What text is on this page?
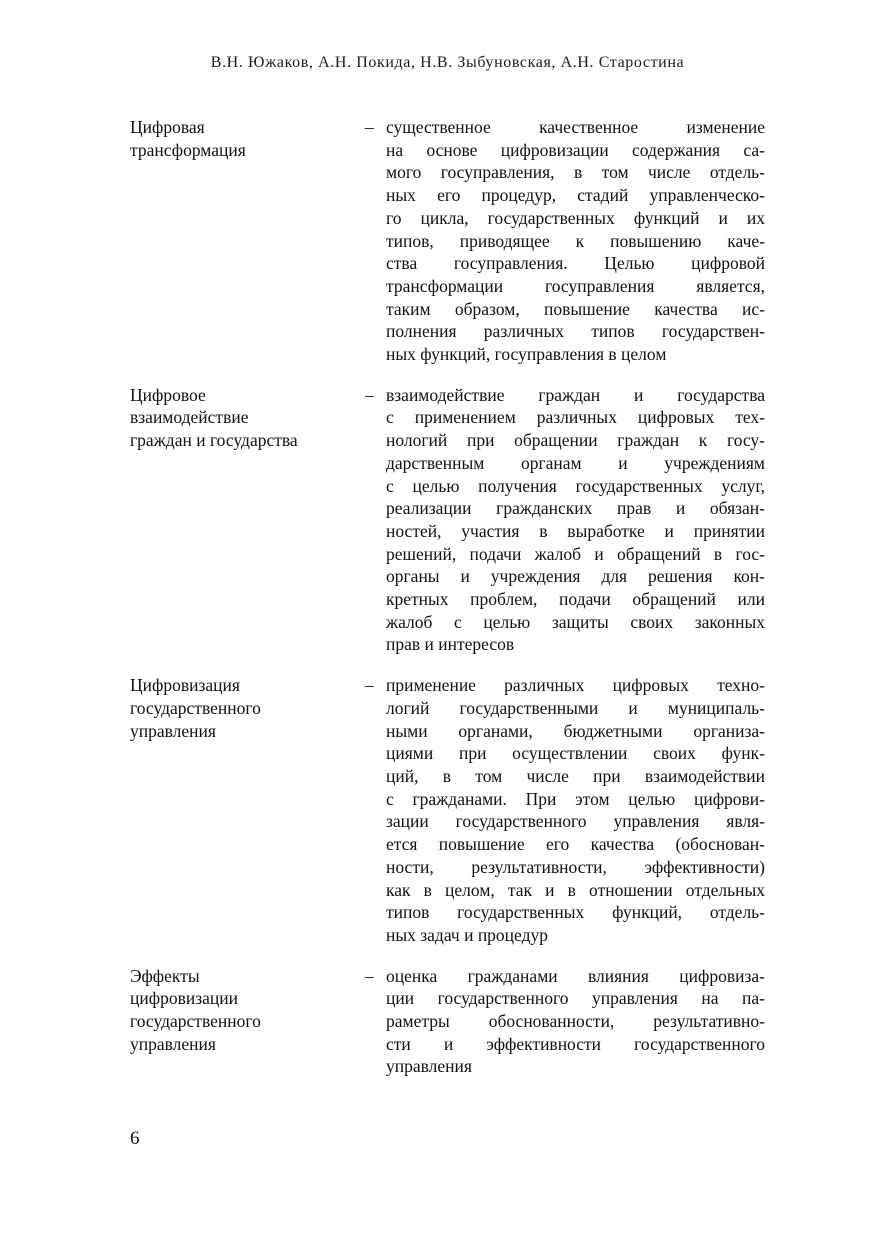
В.Н. Южаков, А.Н. Покида, Н.В. Зыбуновская, А.Н. Старостина
Цифровая
трансформация
– существенное качественное изменение
на основе цифровизации содержания са-
мого госуправления, в том числе отдель-
ных его процедур, стадий управленческо-
го цикла, государственных функций и их
типов, приводящее к повышению каче-
ства госуправления. Целью цифровой
трансформации госуправления является,
таким образом, повышение качества ис-
полнения различных типов государствен-
ных функций, госуправления в целом
Цифровое
взаимодействие
граждан и государства
– взаимодействие граждан и государства
с применением различных цифровых тех-
нологий при обращении граждан к госу-
дарственным органам и учреждениям
с целью получения государственных услуг,
реализации гражданских прав и обязан-
ностей, участия в выработке и принятии
решений, подачи жалоб и обращений в гос-
органы и учреждения для решения кон-
кретных проблем, подачи обращений или
жалоб с целью защиты своих законных
прав и интересов
Цифровизация
государственного
управления
– применение различных цифровых техно-
логий государственными и муниципаль-
ными органами, бюджетными организа-
циями при осуществлении своих функ-
ций, в том числе при взаимодействии
с гражданами. При этом целью цифрови-
зации государственного управления явля-
ется повышение его качества (обоснован-
ности, результативности, эффективности)
как в целом, так и в отношении отдельных
типов государственных функций, отдель-
ных задач и процедур
Эффекты
цифровизации
государственного
управления
– оценка гражданами влияния цифровиза-
ции государственного управления на па-
раметры обоснованности, результативно-
сти и эффективности государственного
управления
6
